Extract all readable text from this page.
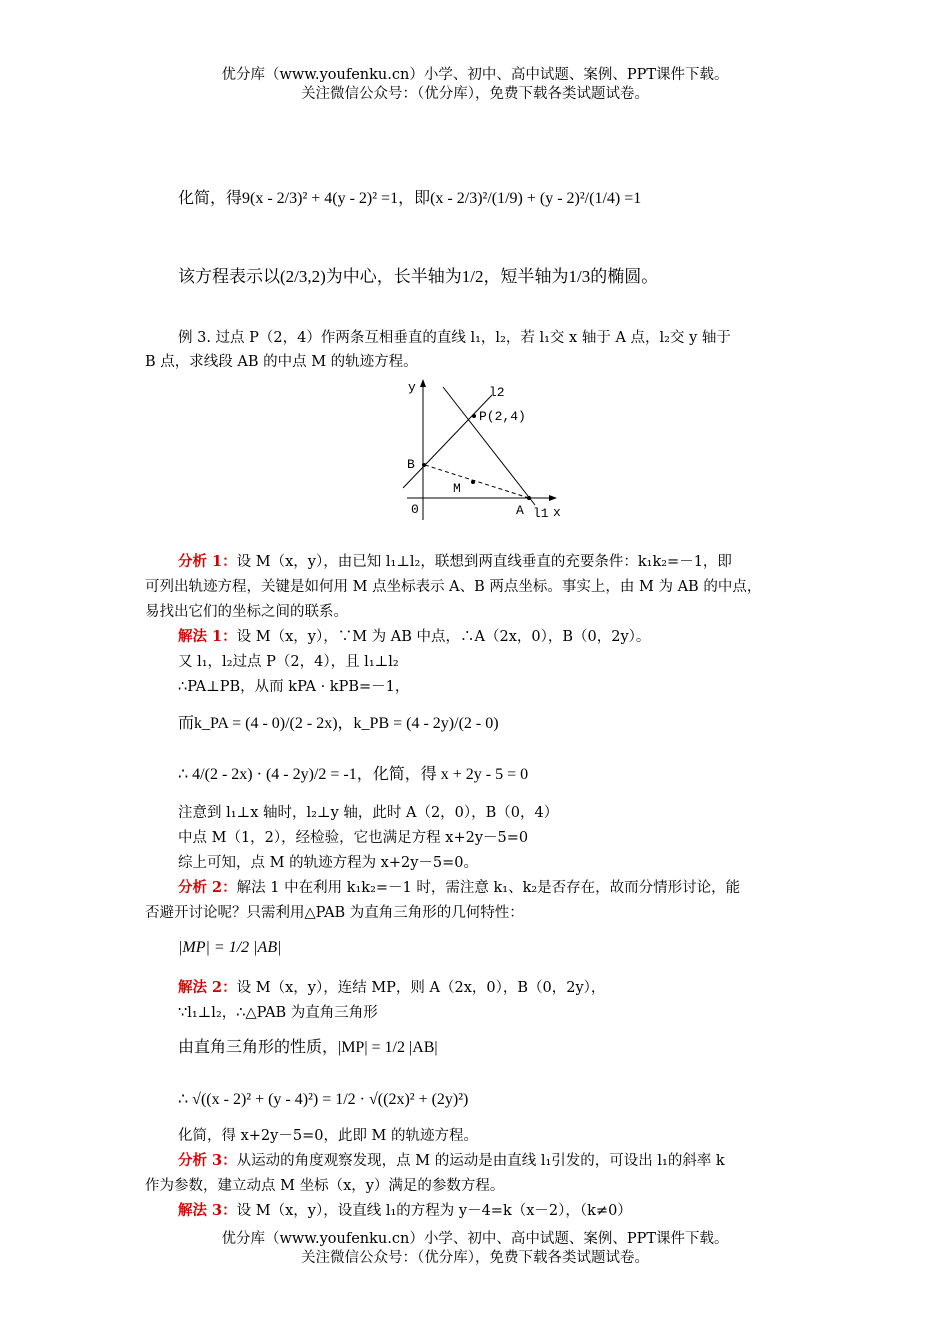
优分库（www.youfenku.cn）小学、初中、高中试题、案例、PPT课件下载。
关注微信公众号：（优分库），免费下载各类试题试卷。
化简，得9(x - 2/3)² + 4(y - 2)² =1，即(x - 2/3)²/(1/9) + (y - 2)²/(1/4) =1
该方程表示以(2/3,2)为中心，长半轴为1/2，短半轴为1/3的椭圆。
例 3. 过点 P（2，4）作两条互相垂直的直线 l₁，l₂，若 l₁交 x 轴于 A 点，l₂交 y 轴于
B 点，求线段 AB 的中点 M 的轨迹方程。
y
x
0
l2
l1
P(2,4)
B
A
M
分析 1：设 M（x，y），由已知 l₁⊥l₂，联想到两直线垂直的充要条件：k₁k₂=－1，即
可列出轨迹方程，关键是如何用 M 点坐标表示 A、B 两点坐标。事实上，由 M 为 AB 的中点，
易找出它们的坐标之间的联系。
解法 1：设 M（x，y），∵M 为 AB 中点，∴A（2x，0），B（0，2y）。
又 l₁，l₂过点 P（2，4），且 l₁⊥l₂
∴PA⊥PB，从而 kPA · kPB=－1，
而k_PA = (4 - 0)/(2 - 2x)，k_PB = (4 - 2y)/(2 - 0)
∴ 4/(2 - 2x) · (4 - 2y)/2 = -1，化简，得 x + 2y - 5 = 0
注意到 l₁⊥x 轴时，l₂⊥y 轴，此时 A（2，0），B（0，4）
中点 M（1，2），经检验，它也满足方程 x+2y－5=0
综上可知，点 M 的轨迹方程为 x+2y－5=0。
分析 2：解法 1 中在利用 k₁k₂=－1 时，需注意 k₁、k₂是否存在，故而分情形讨论，能
否避开讨论呢？只需利用△PAB 为直角三角形的几何特性：
|MP| = 1/2 |AB|
解法 2：设 M（x，y），连结 MP，则 A（2x，0），B（0，2y），
∵l₁⊥l₂，∴△PAB 为直角三角形
由直角三角形的性质，|MP| = 1/2 |AB|
∴ √((x - 2)² + (y - 4)²) = 1/2 · √((2x)² + (2y)²)
化简，得 x+2y－5=0，此即 M 的轨迹方程。
分析 3：从运动的角度观察发现，点 M 的运动是由直线 l₁引发的，可设出 l₁的斜率 k
作为参数，建立动点 M 坐标（x，y）满足的参数方程。
解法 3：设 M（x，y），设直线 l₁的方程为 y－4=k（x－2），（k≠0）
优分库（www.youfenku.cn）小学、初中、高中试题、案例、PPT课件下载。
关注微信公众号：（优分库），免费下载各类试题试卷。
